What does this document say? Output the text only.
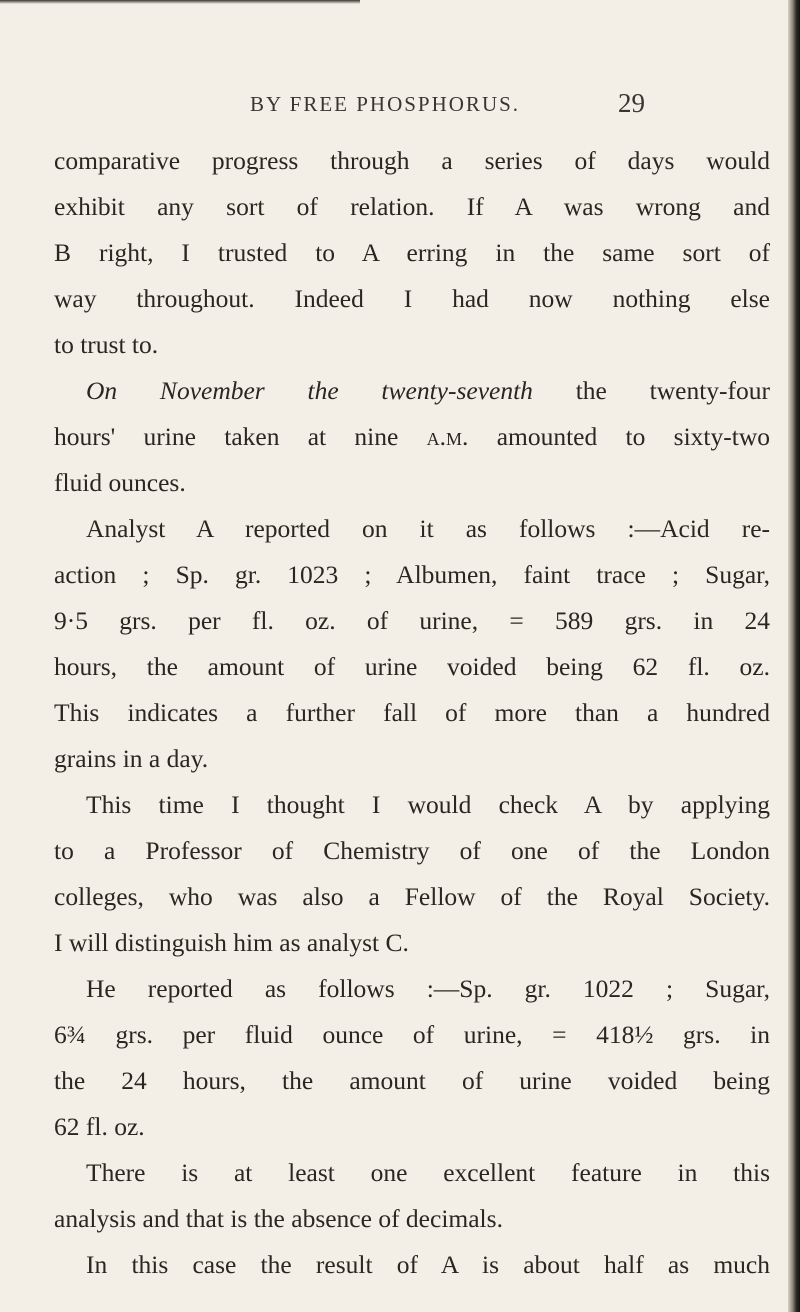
BY FREE PHOSPHORUS.	29
comparative progress through a series of days would
exhibit any sort of relation. If A was wrong and
B right, I trusted to A erring in the same sort of
way throughout. Indeed I had now nothing else
to trust to.
On November the twenty-seventh the twenty-four
hours' urine taken at nine a.m. amounted to sixty-two
fluid ounces.
Analyst A reported on it as follows :—Acid re-
action ; Sp. gr. 1023 ; Albumen, faint trace ; Sugar,
9·5 grs. per fl. oz. of urine, = 589 grs. in 24
hours, the amount of urine voided being 62 fl. oz.
This indicates a further fall of more than a hundred
grains in a day.
This time I thought I would check A by applying
to a Professor of Chemistry of one of the London
colleges, who was also a Fellow of the Royal Society.
I will distinguish him as analyst C.
He reported as follows :—Sp. gr. 1022 ; Sugar,
6¾ grs. per fluid ounce of urine, = 418½ grs. in
the 24 hours, the amount of urine voided being
62 fl. oz.
There is at least one excellent feature in this
analysis and that is the absence of decimals.
In this case the result of A is about half as much
